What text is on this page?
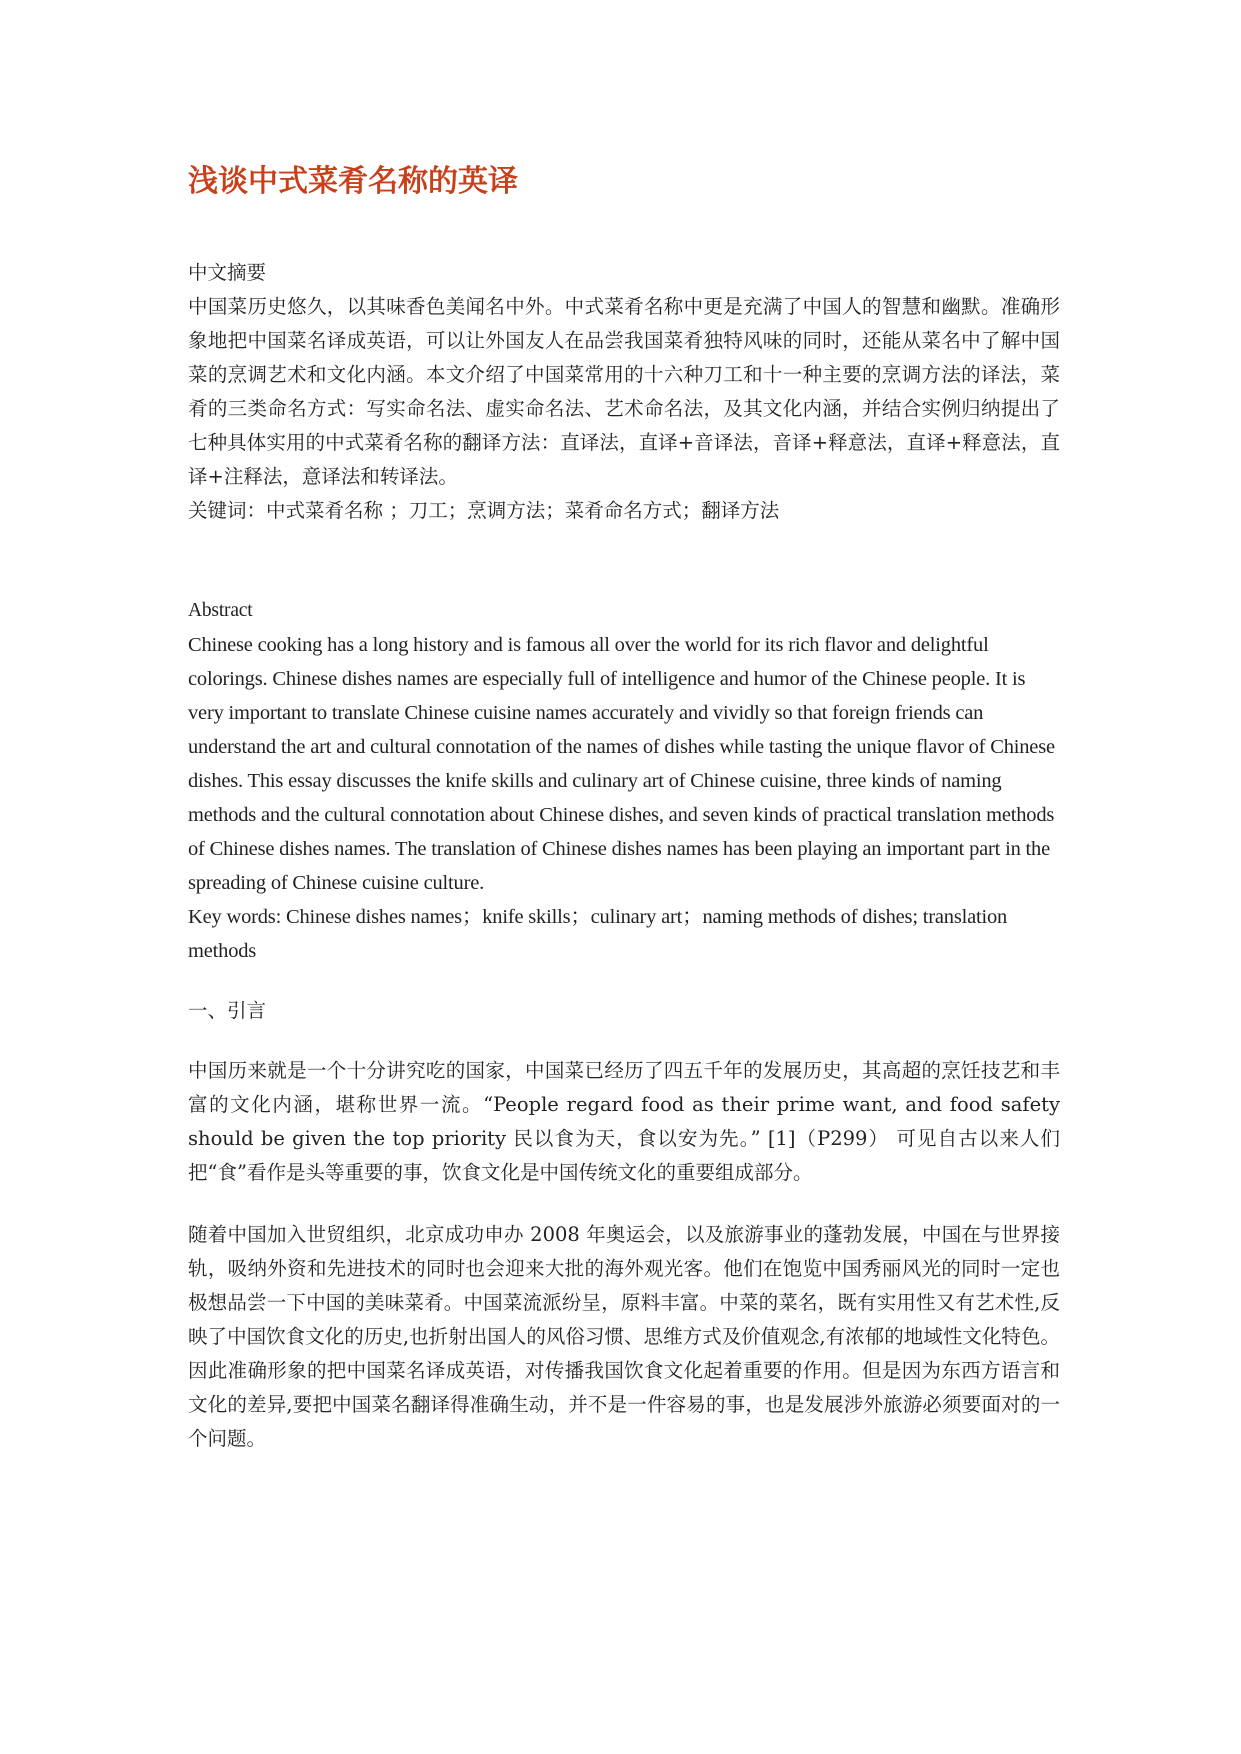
浅谈中式菜肴名称的英译

中文摘要

中国菜历史悠久，以其味香色美闻名中外。中式菜肴名称中更是充满了中国人的智慧和幽默。准确形象地把中国菜名译成英语，可以让外国友人在品尝我国菜肴独特风味的同时，还能从菜名中了解中国菜的烹调艺术和文化内涵。本文介绍了中国菜常用的十六种刀工和十一种主要的烹调方法的译法，菜肴的三类命名方式：写实命名法、虚实命名法、艺术命名法，及其文化内涵，并结合实例归纳提出了七种具体实用的中式菜肴名称的翻译方法：直译法，直译+音译法，音译+释意法，直译+释意法，直译+注释法，意译法和转译法。

关键词：中式菜肴名称 ；刀工；烹调方法；菜肴命名方式；翻译方法

Abstract

Chinese cooking has a long history and is famous all over the world for its rich flavor and delightful colorings. Chinese dishes names are especially full of intelligence and humor of the Chinese people. It is very important to translate Chinese cuisine names accurately and vividly so that foreign friends can understand the art and cultural connotation of the names of dishes while tasting the unique flavor of Chinese dishes. This essay discusses the knife skills and culinary art of Chinese cuisine, three kinds of naming methods and the cultural connotation about Chinese dishes, and seven kinds of practical translation methods of Chinese dishes names. The translation of Chinese dishes names has been playing an important part in the spreading of Chinese cuisine culture.

Key words: Chinese dishes names；knife skills；culinary art；naming methods of dishes; translation methods

一、引言

中国历来就是一个十分讲究吃的国家，中国菜已经历了四五千年的发展历史，其高超的烹饪技艺和丰富的文化内涵，堪称世界一流。“People regard food as their prime want, and food safety should be given the top priority 民以食为天，食以安为先。” [1]（P299） 可见自古以来人们把“食”看作是头等重要的事，饮食文化是中国传统文化的重要组成部分。

随着中国加入世贸组织，北京成功申办 2008 年奥运会，以及旅游事业的蓬勃发展，中国在与世界接轨，吸纳外资和先进技术的同时也会迎来大批的海外观光客。他们在饱览中国秀丽风光的同时一定也极想品尝一下中国的美味菜肴。中国菜流派纷呈，原料丰富。中菜的菜名，既有实用性又有艺术性,反映了中国饮食文化的历史,也折射出国人的风俗习惯、思维方式及价值观念,有浓郁的地域性文化特色。因此准确形象的把中国菜名译成英语，对传播我国饮食文化起着重要的作用。但是因为东西方语言和文化的差异,要把中国菜名翻译得准确生动，并不是一件容易的事，也是发展涉外旅游必须要面对的一个问题。
